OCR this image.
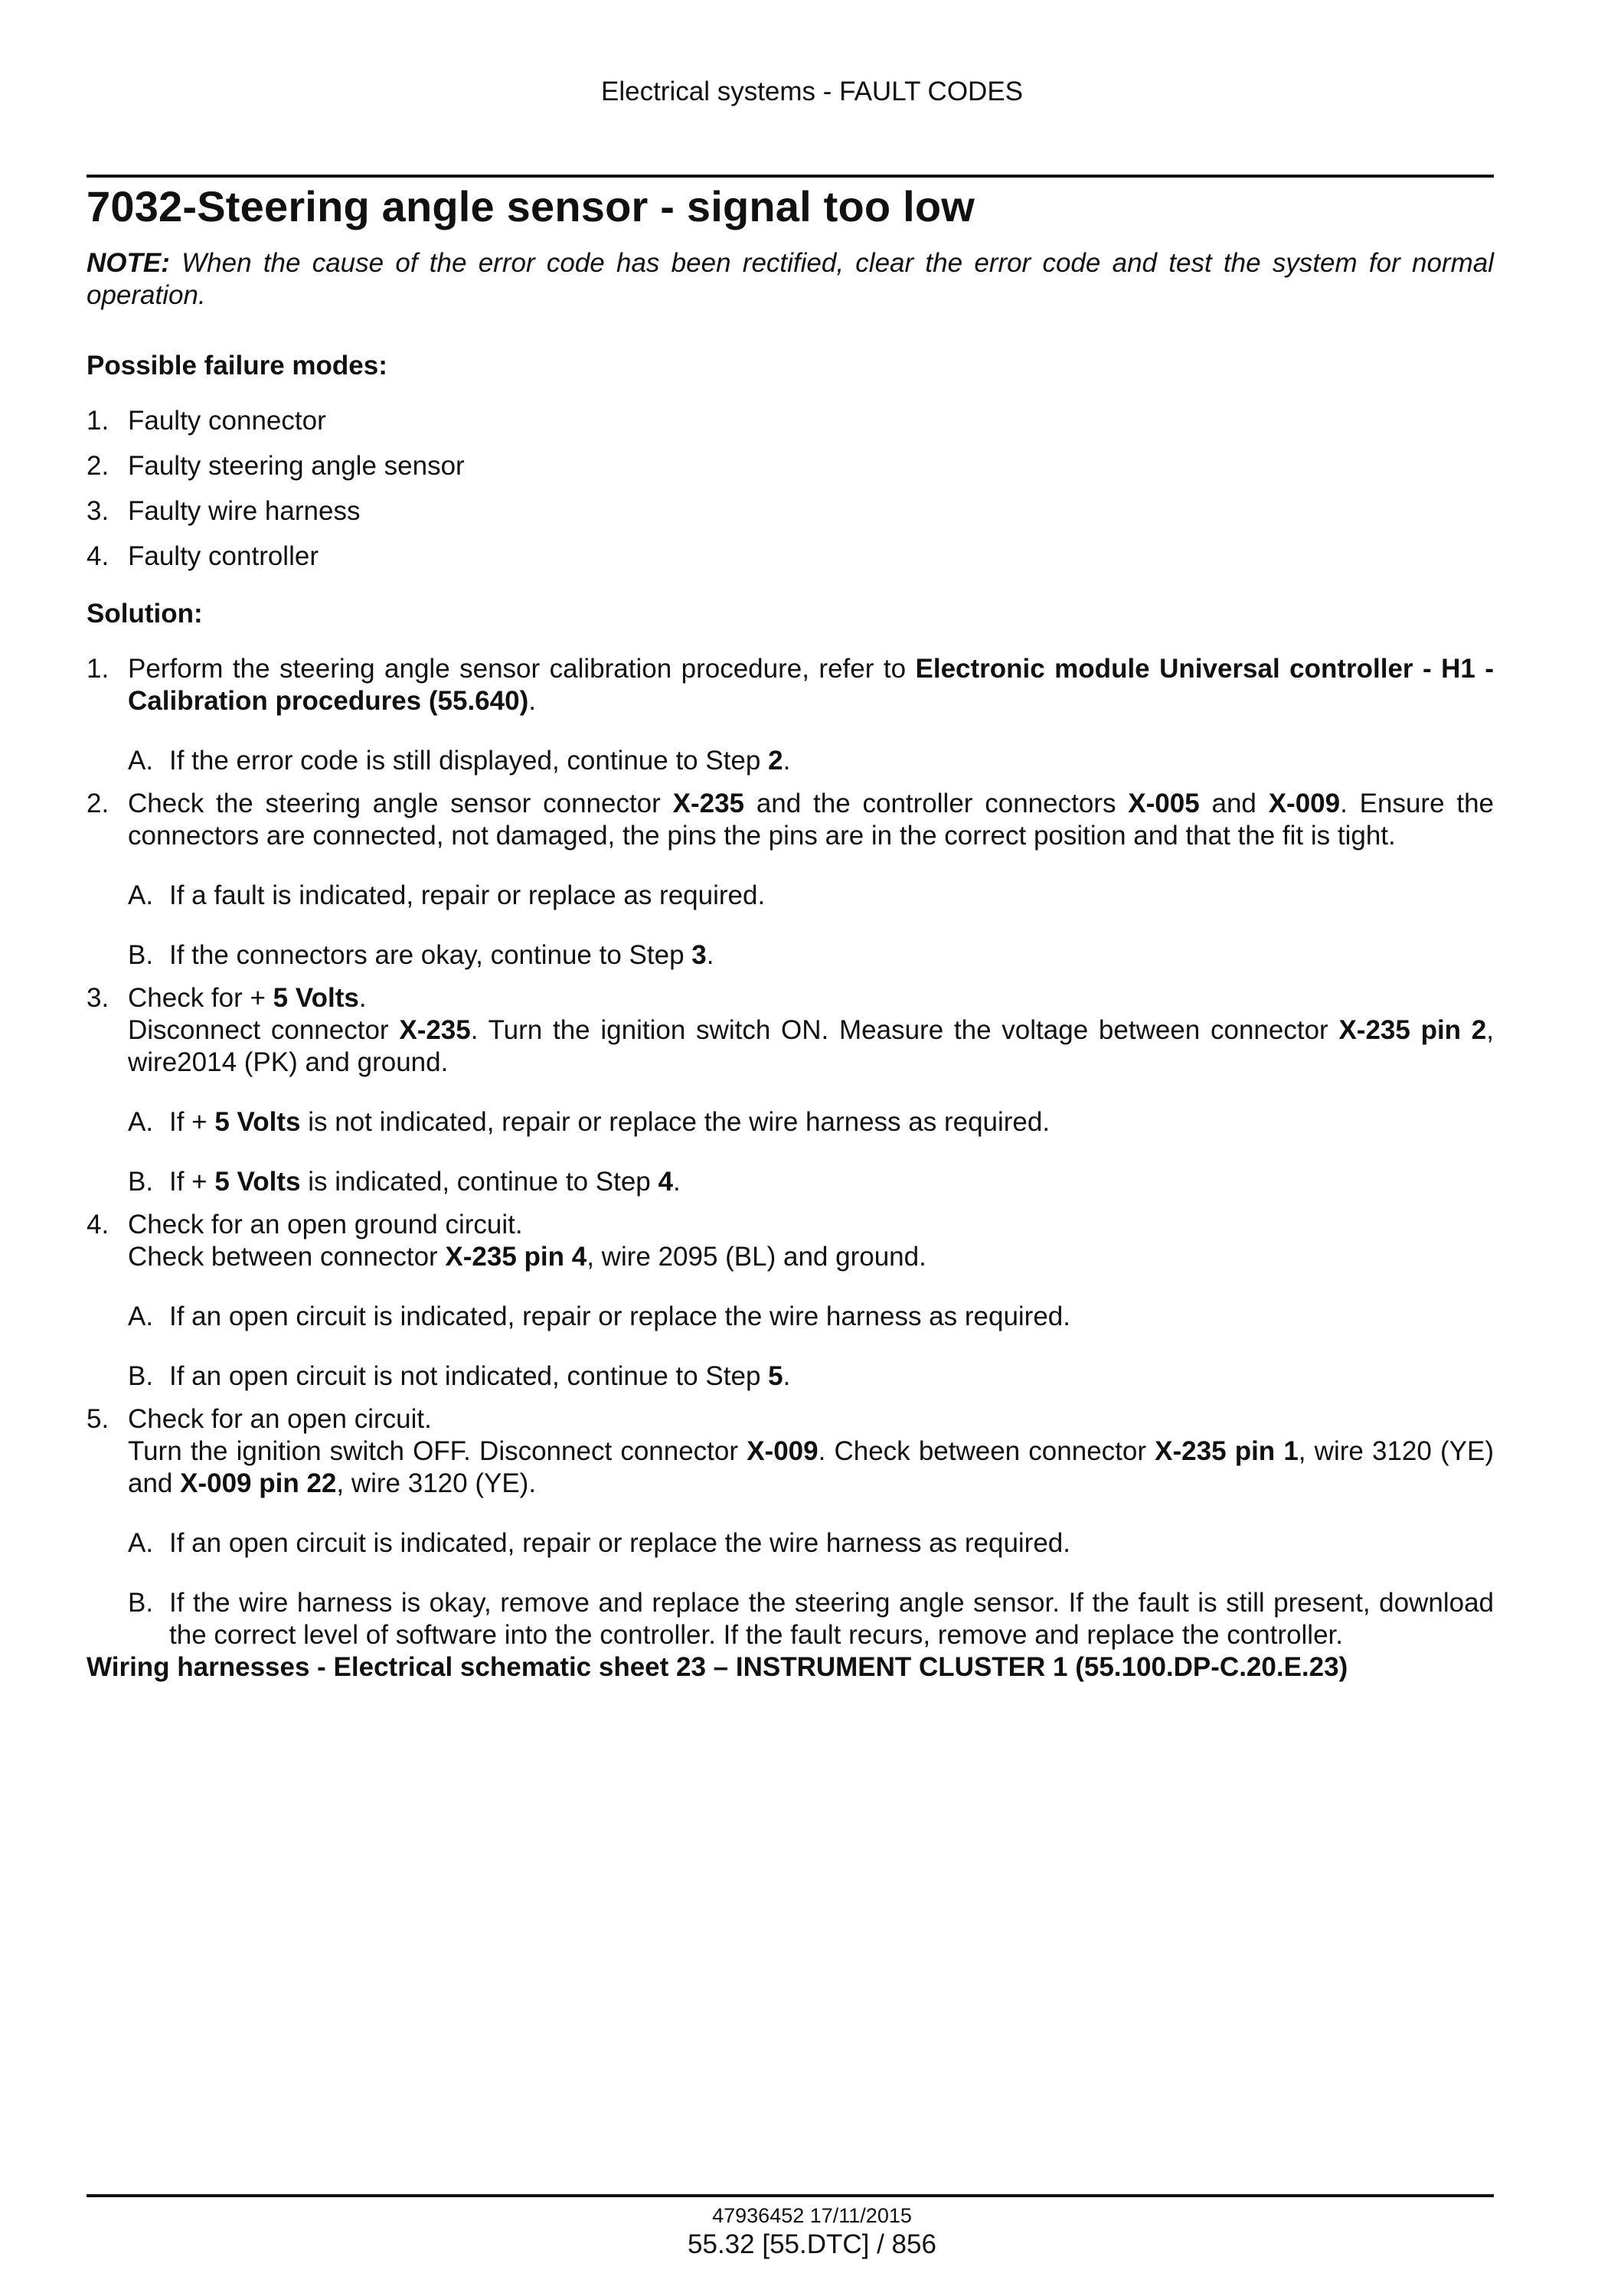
Electrical systems - FAULT CODES
7032-Steering angle sensor - signal too low

NOTE: When the cause of the error code has been rectified, clear the error code and test the system for normal operation.

Possible failure modes:
1. Faulty connector
2. Faulty steering angle sensor
3. Faulty wire harness
4. Faulty controller
Solution:
1. Perform the steering angle sensor calibration procedure, refer to Electronic module Universal controller - H1 - Calibration procedures (55.640).
A. If the error code is still displayed, continue to Step 2.
2. Check the steering angle sensor connector X-235 and the controller connectors X-005 and X-009. Ensure the connectors are connected, not damaged, the pins the pins are in the correct position and that the fit is tight.
A. If a fault is indicated, repair or replace as required.
B. If the connectors are okay, continue to Step 3.
3. Check for + 5 Volts.
Disconnect connector X-235. Turn the ignition switch ON. Measure the voltage between connector X-235 pin 2, wire2014 (PK) and ground.
A. If + 5 Volts is not indicated, repair or replace the wire harness as required.
B. If + 5 Volts is indicated, continue to Step 4.
4. Check for an open ground circuit.
Check between connector X-235 pin 4, wire 2095 (BL) and ground.
A. If an open circuit is indicated, repair or replace the wire harness as required.
B. If an open circuit is not indicated, continue to Step 5.
5. Check for an open circuit.
Turn the ignition switch OFF. Disconnect connector X-009. Check between connector X-235 pin 1, wire 3120 (YE) and X-009 pin 22, wire 3120 (YE).
A. If an open circuit is indicated, repair or replace the wire harness as required.
B. If the wire harness is okay, remove and replace the steering angle sensor. If the fault is still present, download the correct level of software into the controller. If the fault recurs, remove and replace the controller.
Wiring harnesses - Electrical schematic sheet 23 – INSTRUMENT CLUSTER 1 (55.100.DP-C.20.E.23)
47936452 17/11/2015
55.32 [55.DTC] / 856
